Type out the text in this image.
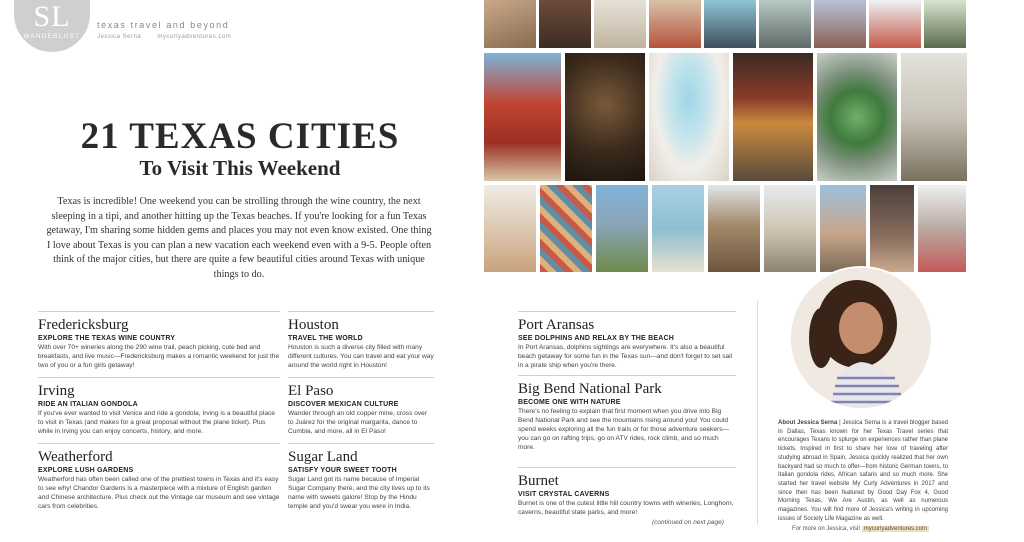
SL
WANDERLUST
texas travel and beyond
Jessica Serna	mycurlyadventures.com
21 TEXAS CITIES
To Visit This Weekend

Texas is incredible! One weekend you can be strolling through the wine country, the next sleeping in a tipi, and another hitting up the Texas beaches. If you're looking for a fun Texas getaway, I'm sharing some hidden gems and places you may not even know existed. One thing I love about Texas is you can plan a new vacation each weekend even with a 9-5. People often think of the major cities, but there are quite a few beautiful cities around Texas with unique things to do.

Fredericksburg
EXPLORE THE TEXAS WINE COUNTRY
With over 70+ wineries along the 290 wine trail, peach picking, cute bed and breakfasts, and live music—Fredericksburg makes a romantic weekend for just the two of you or a fun girls getaway!
Irving
RIDE AN ITALIAN GONDOLA
If you've ever wanted to visit Venice and ride a gondola, Irving is a beautiful place to visit in Texas (and makes for a great proposal without the plane ticket). Plus while in Irving you can enjoy concerts, history, and more.
Weatherford
EXPLORE LUSH GARDENS
Weatherford has often been called one of the prettiest towns in Texas and it's easy to see why! Chandor Gardens is a masterpiece with a mixture of English garden and Chinese architecture. Plus check out the Vintage car museum and see vintage cars from celebrities.
Houston
TRAVEL THE WORLD
Houston is such a diverse city filled with many different cultures. You can travel and eat your way around the world right in Houston!
El Paso
DISCOVER MEXICAN CULTURE
Wander through an old copper mine, cross over to Juárez for the original margarita, dance to Cumbia, and more, all in El Paso!
Sugar Land
SATISFY YOUR SWEET TOOTH
Sugar Land got its name because of Imperial Sugar Company there, and the city lives up to its name with sweets galore! Stop by the Hindu temple and you'd swear you were in India.
Port Aransas
SEE DOLPHINS AND RELAX BY THE BEACH
In Port Aransas, dolphins sightings are everywhere. It's also a beautiful beach getaway for some fun in the Texas sun—and don't forget to set sail in a pirate ship when you're there.
Big Bend National Park
BECOME ONE WITH NATURE
There's no feeling to explain that first moment when you drive into Big Bend National Park and see the mountains rising around you! You could spend weeks exploring all the fun trails or for those adventure seekers—you can go on rafting trips, go on ATV rides, rock climb, and so much more.
Burnet
VISIT CRYSTAL CAVERNS
Burnet is one of the cutest little hill country towns with wineries, Longhorn, caverns, beautiful state parks, and more!
(continued on next page)

About Jessica Serna | Jessica Serna is a travel blogger based in Dallas, Texas known for her Texas Travel series that encourages Texans to splurge on experiences rather than plane tickets. Inspired in first to share her love of traveling after studying abroad in Spain, Jessica quickly realized that her own backyard had so much to offer—from historic German towns, to Italian gondola rides, African safaris and so much more. She started her travel website My Curly Adventures in 2017 and since then has been featured by Good Day Fox 4, Good Morning Texas, We Are Austin, as well as numerous magazines. You will find more of Jessica's writing in upcoming issues of Society Life Magazine as well.

For more on Jessica, visit mycurlyadventures.com
